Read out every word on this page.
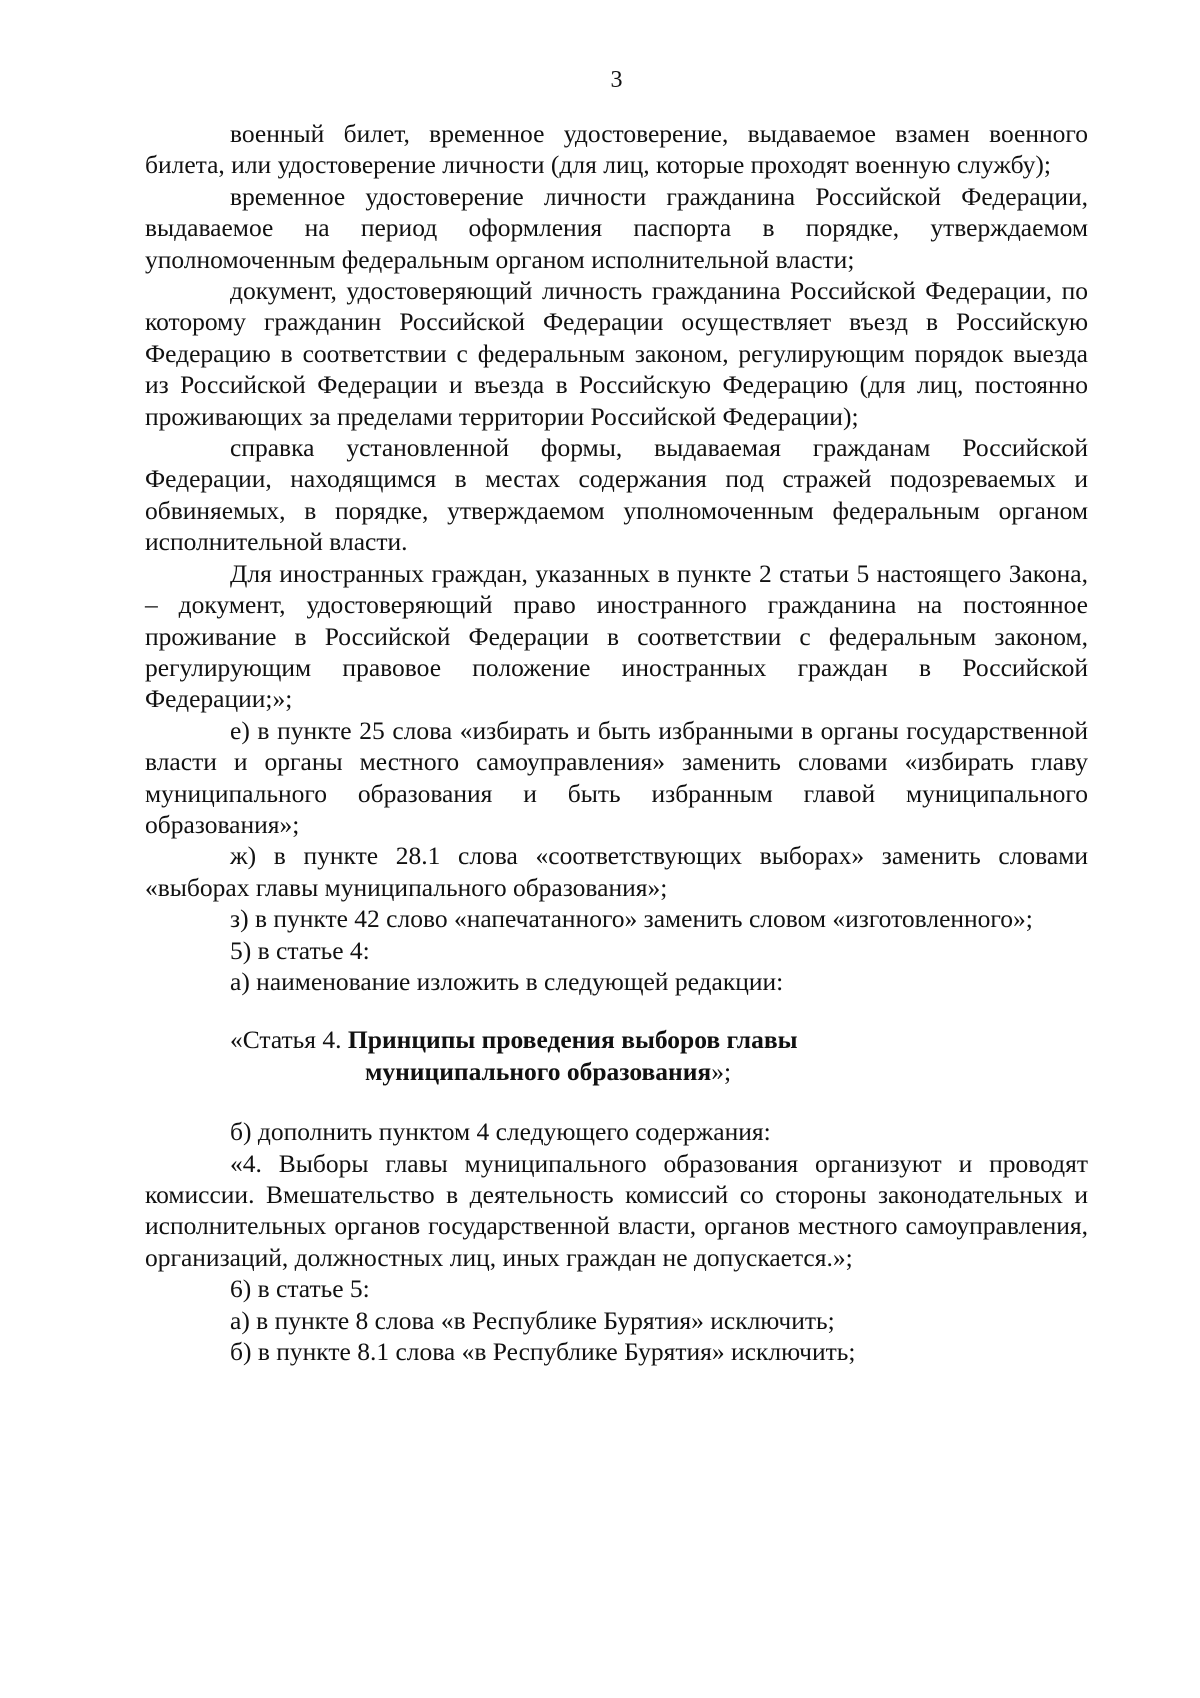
3

военный билет, временное удостоверение, выдаваемое взамен военного билета, или удостоверение личности (для лиц, которые проходят военную службу);

временное удостоверение личности гражданина Российской Федерации, выдаваемое на период оформления паспорта в порядке, утверждаемом уполномоченным федеральным органом исполнительной власти;

документ, удостоверяющий личность гражданина Российской Федерации, по которому гражданин Российской Федерации осуществляет въезд в Российскую Федерацию в соответствии с федеральным законом, регулирующим порядок выезда из Российской Федерации и въезда в Российскую Федерацию (для лиц, постоянно проживающих за пределами территории Российской Федерации);

справка установленной формы, выдаваемая гражданам Российской Федерации, находящимся в местах содержания под стражей подозреваемых и обвиняемых, в порядке, утверждаемом уполномоченным федеральным органом исполнительной власти.

Для иностранных граждан, указанных в пункте 2 статьи 5 настоящего Закона, – документ, удостоверяющий право иностранного гражданина на постоянное проживание в Российской Федерации в соответствии с федеральным законом, регулирующим правовое положение иностранных граждан в Российской Федерации;»;

е) в пункте 25 слова «избирать и быть избранными в органы государственной власти и органы местного самоуправления» заменить словами «избирать главу муниципального образования и быть избранным главой муниципального образования»;

ж) в пункте 28.1 слова «соответствующих выборах» заменить словами «выборах главы муниципального образования»;

з) в пункте 42 слово «напечатанного» заменить словом «изготовленного»;

5) в статье 4:

а) наименование изложить в следующей редакции:

«Статья 4. Принципы проведения выборов главы

муниципального образования»;

б) дополнить пунктом 4 следующего содержания:

«4. Выборы главы муниципального образования организуют и проводят комиссии. Вмешательство в деятельность комиссий со стороны законодательных и исполнительных органов государственной власти, органов местного самоуправления, организаций, должностных лиц, иных граждан не допускается.»;

6) в статье 5:

а) в пункте 8 слова «в Республике Бурятия» исключить;

б) в пункте 8.1 слова «в Республике Бурятия» исключить;
